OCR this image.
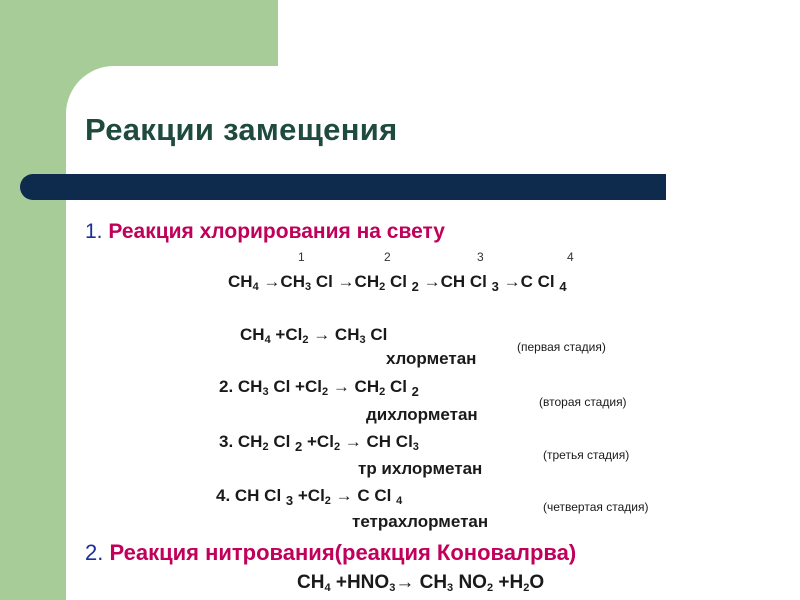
Реакции замещения
1. Реакция хлорирования на свету
1	2	3	4
$CH_4 \to CH_3$ $Cl \to CH_2$ Cl $_2$ →CH Cl $_3$ →C Cl $_4$
$CH_4 +Cl_2 \to CH_3$ Cl
хлорметан
(первая стадия)
2. $CH_3$ $Cl +Cl_2 \to CH_2$ Cl $_2$
дихлорметан
(вторая стадия)
3. $CH_2$ Cl $_2 +Cl_2$ → CH $Cl_3$
тр ихлорметан
(третья стадия)
4. CH Cl $_3 +Cl_2 \to C$ Cl $_4$
тетрахлорметан
(четвертая стадия)
2. Реакция нитрования(реакция Коновалрва)
$CH_4 +HNO_3\to CH_3$ $NO_2 +H_2O$
